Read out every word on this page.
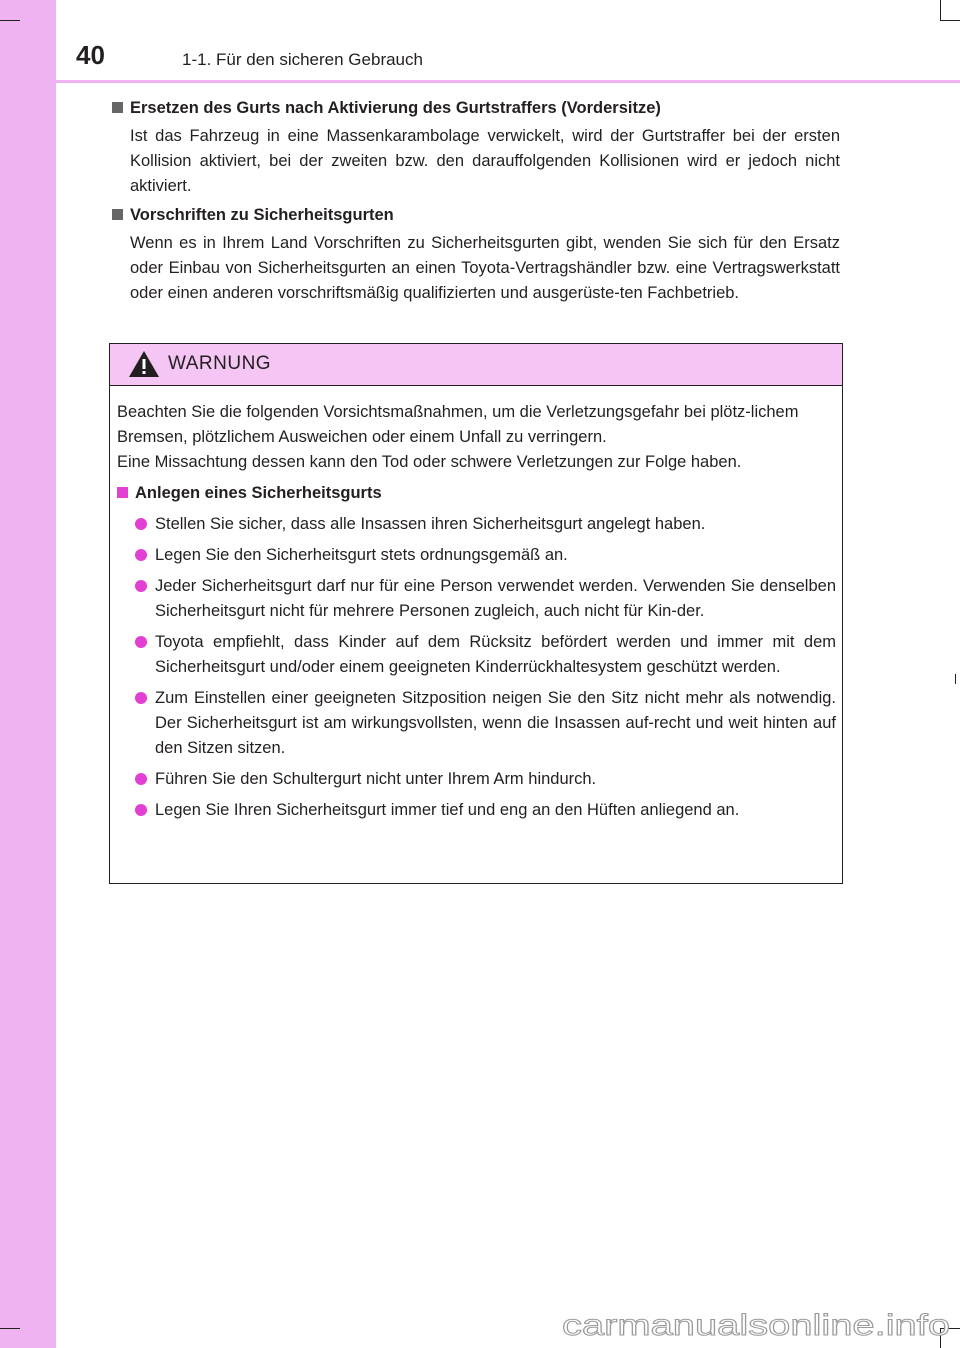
40	1-1. Für den sicheren Gebrauch
Ersetzen des Gurts nach Aktivierung des Gurtstraffers (Vordersitze)
Ist das Fahrzeug in eine Massenkarambolage verwickelt, wird der Gurtstraffer bei der ersten Kollision aktiviert, bei der zweiten bzw. den darauffolgenden Kollisionen wird er jedoch nicht aktiviert.
Vorschriften zu Sicherheitsgurten
Wenn es in Ihrem Land Vorschriften zu Sicherheitsgurten gibt, wenden Sie sich für den Ersatz oder Einbau von Sicherheitsgurten an einen Toyota-Vertragshändler bzw. eine Vertragswerkstatt oder einen anderen vorschriftsmäßig qualifizierten und ausgerüste-ten Fachbetrieb.
WARNUNG
Beachten Sie die folgenden Vorsichtsmaßnahmen, um die Verletzungsgefahr bei plötz-lichem Bremsen, plötzlichem Ausweichen oder einem Unfall zu verringern.
Eine Missachtung dessen kann den Tod oder schwere Verletzungen zur Folge haben.
Anlegen eines Sicherheitsgurts
Stellen Sie sicher, dass alle Insassen ihren Sicherheitsgurt angelegt haben.
Legen Sie den Sicherheitsgurt stets ordnungsgemäß an.
Jeder Sicherheitsgurt darf nur für eine Person verwendet werden. Verwenden Sie denselben Sicherheitsgurt nicht für mehrere Personen zugleich, auch nicht für Kin-der.
Toyota empfiehlt, dass Kinder auf dem Rücksitz befördert werden und immer mit dem Sicherheitsgurt und/oder einem geeigneten Kinderrückhaltesystem geschützt werden.
Zum Einstellen einer geeigneten Sitzposition neigen Sie den Sitz nicht mehr als notwendig. Der Sicherheitsgurt ist am wirkungsvollsten, wenn die Insassen auf-recht und weit hinten auf den Sitzen sitzen.
Führen Sie den Schultergurt nicht unter Ihrem Arm hindurch.
Legen Sie Ihren Sicherheitsgurt immer tief und eng an den Hüften anliegend an.
carmanualsonline.info
